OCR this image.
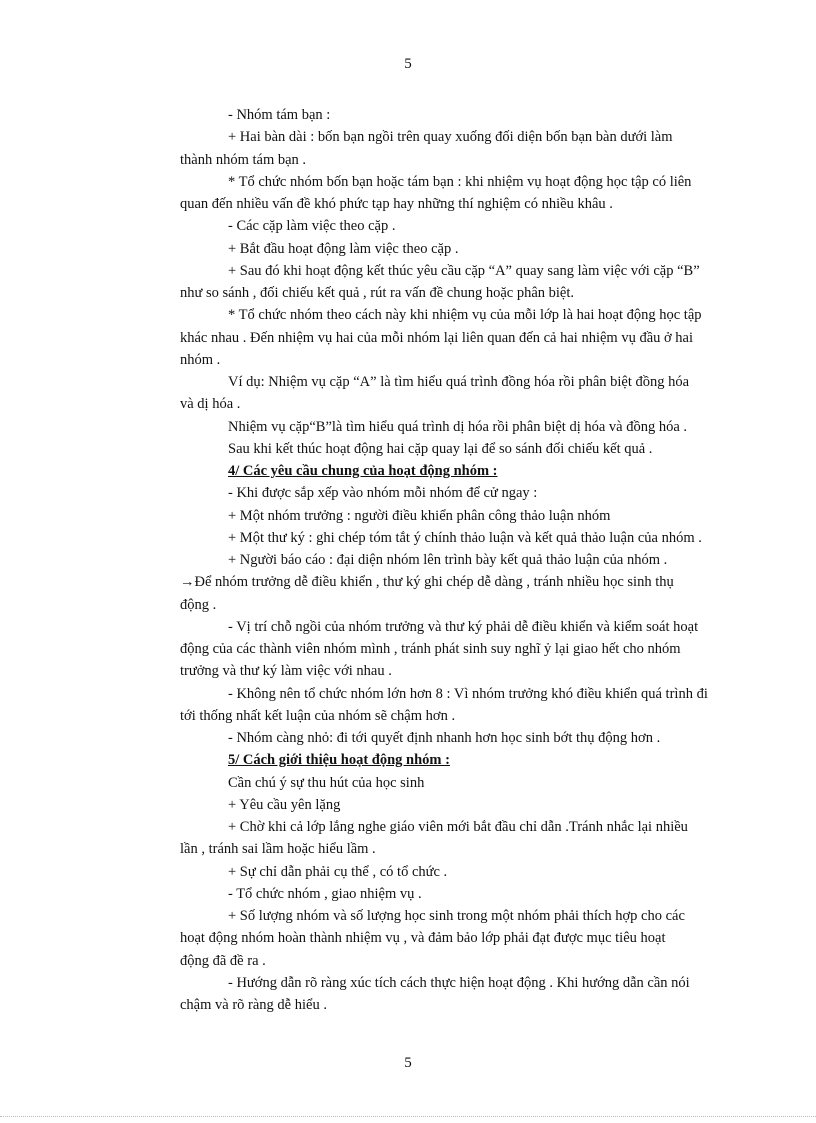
5
- Nhóm tám bạn :
+ Hai bàn dài : bốn bạn ngồi trên quay xuống đối diện bốn bạn bàn dưới làm
thành nhóm tám bạn .
* Tổ chức nhóm bốn bạn hoặc tám bạn : khi nhiệm vụ hoạt động học tập có liên
quan đến nhiều vấn đề khó phức tạp hay những thí nghiệm có nhiều khâu .
- Các cặp làm việc theo cặp .
+ Bắt đầu hoạt động làm việc theo cặp .
+ Sau đó khi hoạt động kết thúc yêu cầu cặp “A” quay sang làm việc với cặp “B”
như so sánh , đối chiếu kết quả , rút ra vấn đề chung hoặc phân biệt.
* Tổ chức nhóm theo cách này khi nhiệm vụ của mỗi lớp là hai hoạt động học tập
khác nhau . Đến nhiệm vụ hai của mỗi nhóm lại liên quan đến cả hai nhiệm vụ đầu ở hai
nhóm .
Ví dụ: Nhiệm vụ cặp “A” là tìm hiểu quá trình đồng hóa rồi phân biệt đồng hóa
và dị hóa .
Nhiệm vụ cặp“B”là tìm hiểu quá trình dị hóa rồi phân biệt dị hóa và đồng hóa .
Sau khi kết thúc hoạt động hai cặp quay lại để so sánh đối chiếu kết quả .
4/ Các yêu cầu chung của hoạt động nhóm :
- Khi được sắp xếp vào nhóm mỗi nhóm để cử ngay :
+ Một nhóm trưởng : người điều khiển phân công thảo luận nhóm
+ Một thư ký : ghi chép tóm tắt ý chính thảo luận và kết quả thảo luận của nhóm .
+ Người báo cáo : đại diện nhóm lên trình bày kết quả thảo luận của nhóm .
→Để nhóm trưởng dễ điều khiển , thư ký ghi chép dễ dàng , tránh nhiều học sinh thụ
động .
- Vị trí chỗ ngồi của nhóm trưởng và thư ký phải dễ điều khiển và kiểm soát hoạt
động của các thành viên nhóm mình , tránh phát sinh suy nghĩ ỷ lại giao hết cho nhóm
trưởng và thư ký làm việc với nhau .
- Không nên tổ chức nhóm lớn hơn 8 : Vì nhóm trưởng khó điều khiển quá trình đi
tới thống nhất kết luận của nhóm sẽ chậm hơn .
- Nhóm càng nhỏ: đi tới quyết định nhanh hơn học sinh bớt thụ động hơn .
5/ Cách giới thiệu hoạt động nhóm :
Cần chú ý sự thu hút của học sinh
+ Yêu cầu yên lặng
+ Chờ khi cả lớp lắng nghe giáo viên mới bắt đầu chỉ dẫn .Tránh nhắc lại nhiều
lần , tránh sai lầm hoặc hiểu lầm .
+ Sự chỉ dẫn phải cụ thể , có tổ chức .
- Tổ chức nhóm , giao nhiệm vụ .
+ Số lượng nhóm và số lượng học sinh trong một nhóm phải thích hợp cho các
hoạt động nhóm hoàn thành nhiệm vụ , và đảm bảo lớp phải đạt được mục tiêu hoạt
động đã đề ra .
- Hướng dẫn rõ ràng xúc tích cách thực hiện hoạt động . Khi hướng dẫn cần nói
chậm và rõ ràng dễ hiểu .
5
